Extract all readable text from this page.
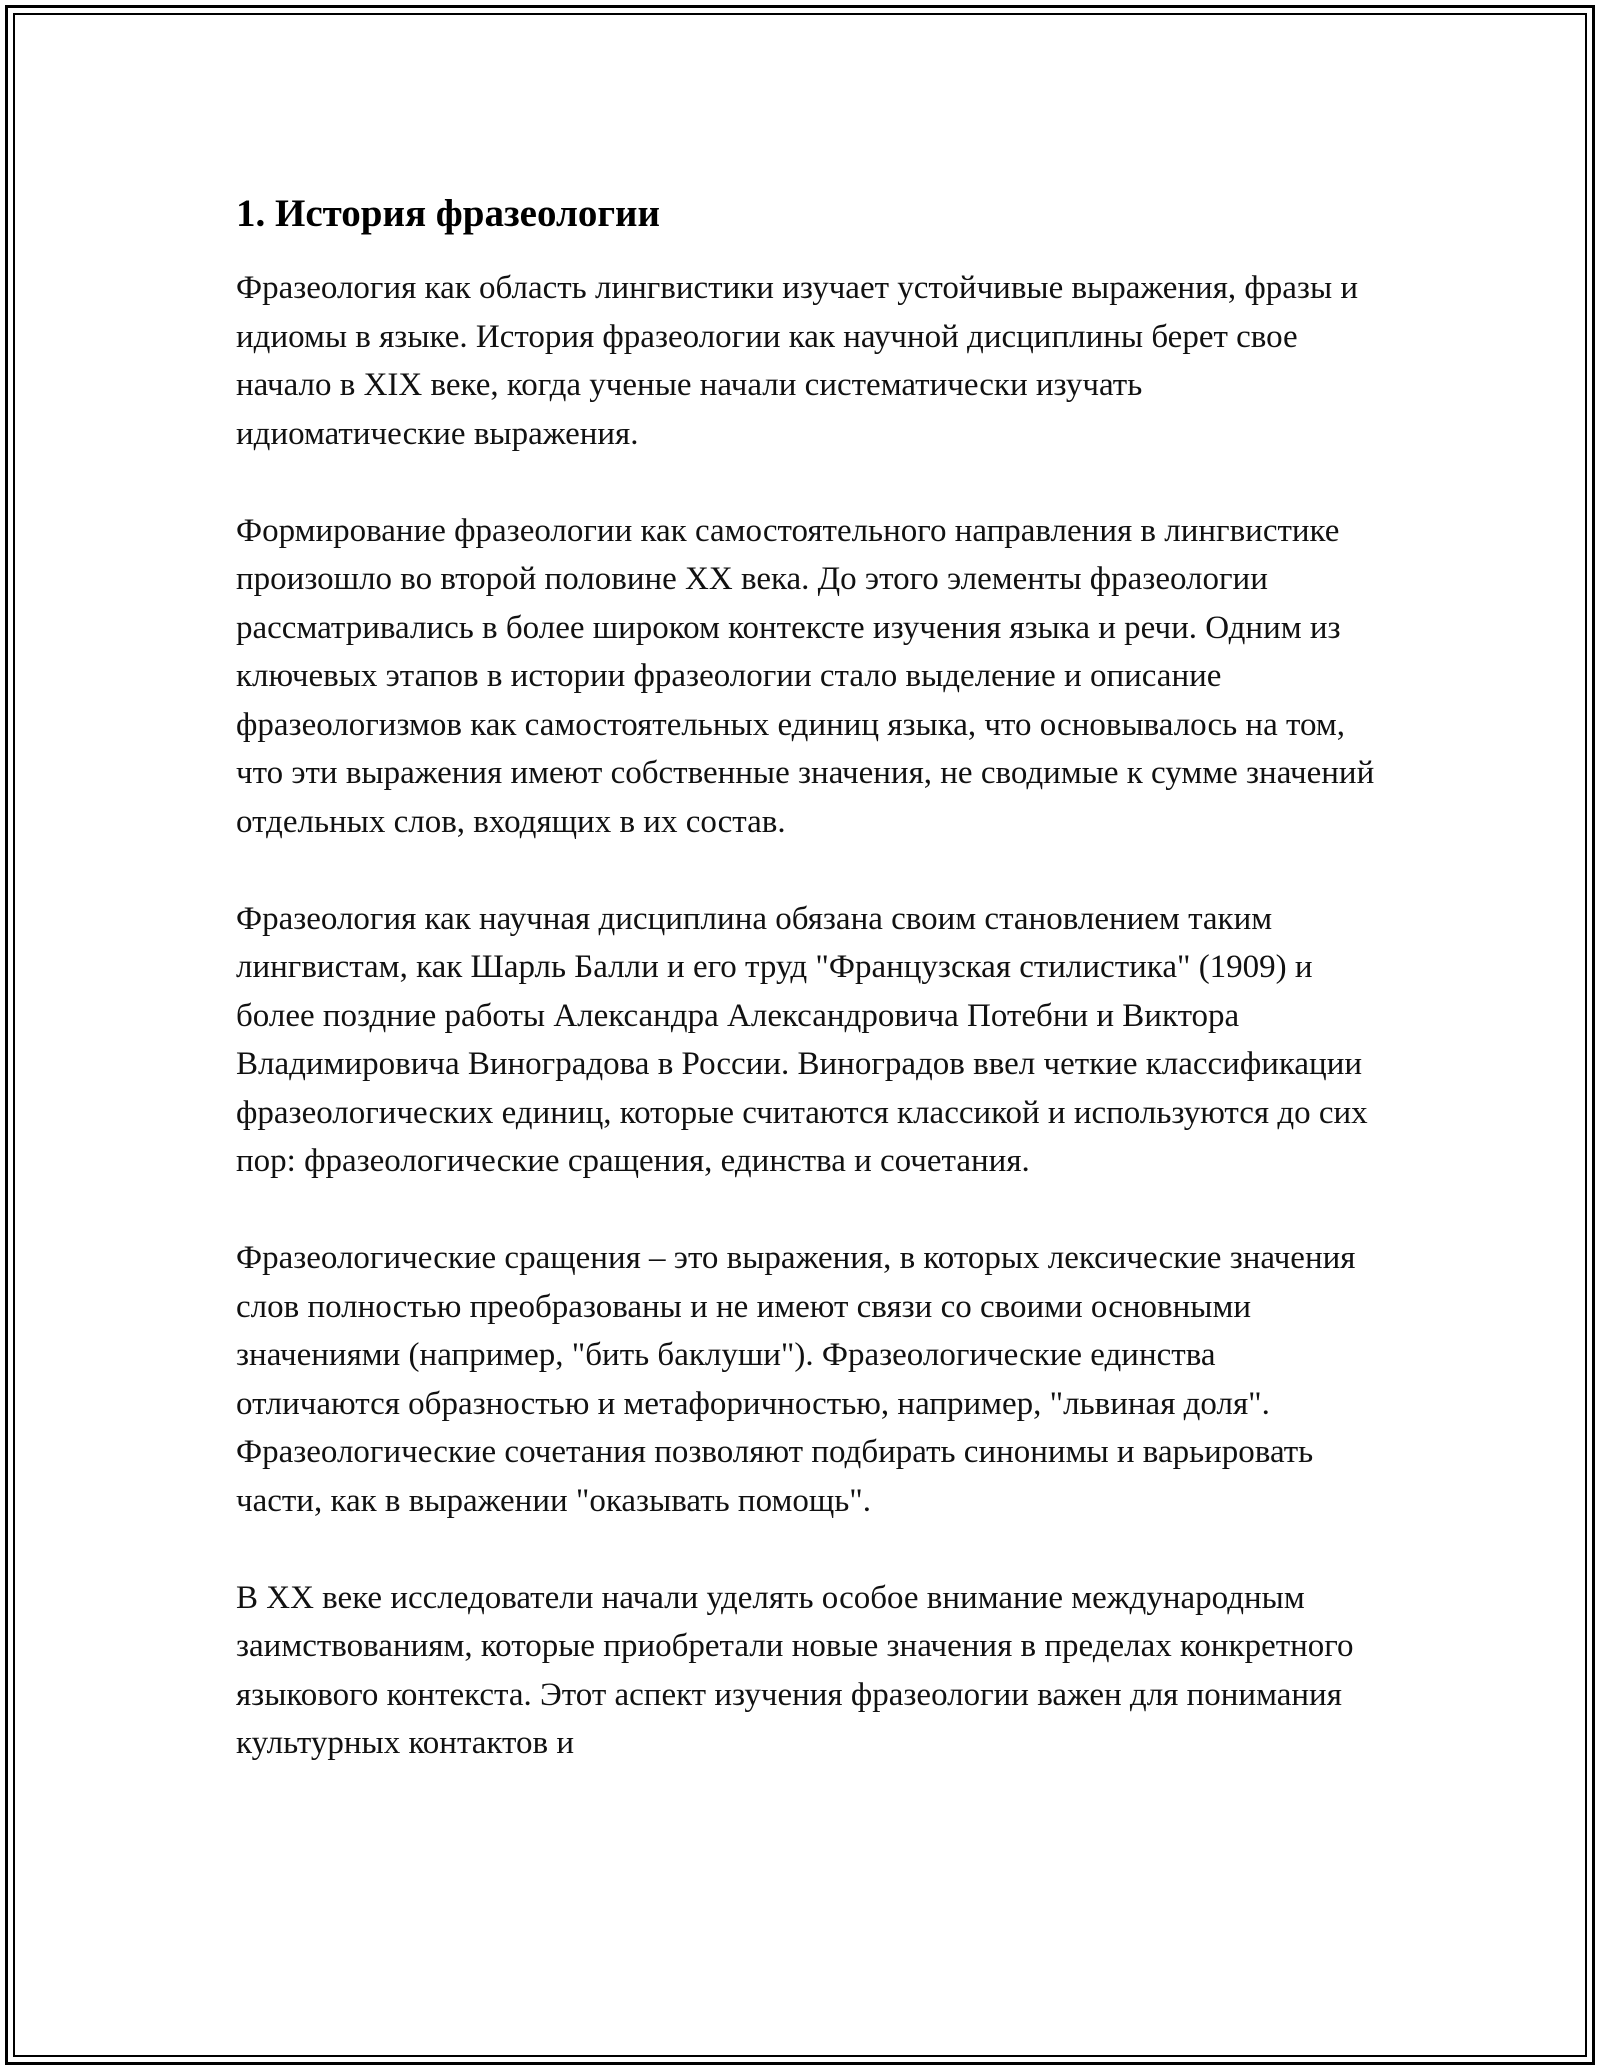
1. История фразеологии

Фразеология как область лингвистики изучает устойчивые выражения, фразы и идиомы в языке. История фразеологии как научной дисциплины берет свое начало в XIX веке, когда ученые начали систематически изучать идиоматические выражения.

Формирование фразеологии как самостоятельного направления в лингвистике произошло во второй половине XX века. До этого элементы фразеологии рассматривались в более широком контексте изучения языка и речи. Одним из ключевых этапов в истории фразеологии стало выделение и описание фразеологизмов как самостоятельных единиц языка, что основывалось на том, что эти выражения имеют собственные значения, не сводимые к сумме значений отдельных слов, входящих в их состав.

Фразеология как научная дисциплина обязана своим становлением таким лингвистам, как Шарль Балли и его труд "Французская стилистика" (1909) и более поздние работы Александра Александровича Потебни и Виктора Владимировича Виноградова в России. Виноградов ввел четкие классификации фразеологических единиц, которые считаются классикой и используются до сих пор: фразеологические сращения, единства и сочетания.

Фразеологические сращения – это выражения, в которых лексические значения слов полностью преобразованы и не имеют связи со своими основными значениями (например, "бить баклуши"). Фразеологические единства отличаются образностью и метафоричностью, например, "львиная доля". Фразеологические сочетания позволяют подбирать синонимы и варьировать части, как в выражении "оказывать помощь".

В XX веке исследователи начали уделять особое внимание международным заимствованиям, которые приобретали новые значения в пределах конкретного языкового контекста. Этот аспект изучения фразеологии важен для понимания культурных контактов и
